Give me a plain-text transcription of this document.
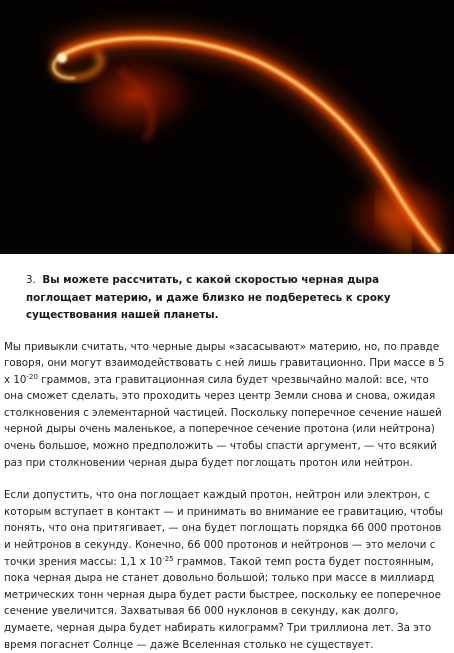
3. Вы можете рассчитать, с какой скоростью черная дыра поглощает материю, и даже близко не подберетесь к сроку существования нашей планеты.

Мы привыкли считать, что черные дыры «засасывают» материю, но, по правде говоря, они могут взаимодействовать с ней лишь гравитационно. При массе в 5 x $10^{-20}$ граммов, эта гравитационная сила будет чрезвычайно малой: все, что она сможет сделать, это проходить через центр Земли снова и снова, ожидая столкновения с элементарной частицей. Поскольку поперечное сечение нашей черной дыры очень маленькое, а поперечное сечение протона (или нейтрона) очень большое, можно предположить — чтобы спасти аргумент, — что всякий раз при столкновении черная дыра будет поглощать протон или нейтрон.

Если допустить, что она поглощает каждый протон, нейтрон или электрон, с которым вступает в контакт — и принимать во внимание ее гравитацию, чтобы понять, что она притягивает, — она будет поглощать порядка 66 000 протонов и нейтронов в секунду. Конечно, 66 000 протонов и нейтронов — это мелочи с точки зрения массы: 1,1 x $10^{-25}$ граммов. Такой темп роста будет постоянным, пока черная дыра не станет довольно большой; только при массе в миллиард метрических тонн черная дыра будет расти быстрее, поскольку ее поперечное сечение увеличится. Захватывая 66 000 нуклонов в секунду, как долго, думаете, черная дыра будет набирать килограмм? Три триллиона лет. За это время погаснет Солнце — даже Вселенная столько не существует.
